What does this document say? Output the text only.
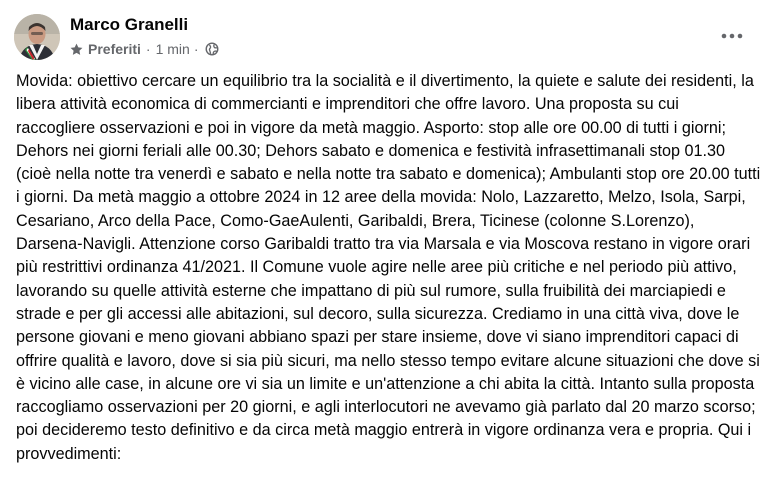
Marco Granelli
Preferiti · 1 min ·

Movida: obiettivo cercare un equilibrio tra la socialità e il divertimento, la quiete e salute dei residenti, la libera attività economica di commercianti e imprenditori che offre lavoro. Una proposta su cui raccogliere osservazioni e poi in vigore da metà maggio. Asporto: stop alle ore 00.00 di tutti i giorni; Dehors nei giorni feriali alle 00.30; Dehors sabato e domenica e festività infrasettimanali stop 01.30 (cioè nella notte tra venerdì e sabato e nella notte tra sabato e domenica); Ambulanti stop ore 20.00 tutti i giorni. Da metà maggio a ottobre 2024 in 12 aree della movida: Nolo, Lazzaretto, Melzo, Isola, Sarpi, Cesariano, Arco della Pace, Como-GaeAulenti, Garibaldi, Brera, Ticinese (colonne S.Lorenzo), Darsena-Navigli. Attenzione corso Garibaldi tratto tra via Marsala e via Moscova restano in vigore orari più restrittivi ordinanza 41/2021. Il Comune vuole agire nelle aree più critiche e nel periodo più attivo, lavorando su quelle attività esterne che impattano di più sul rumore, sulla fruibilità dei marciapiedi e strade e per gli accessi alle abitazioni, sul decoro, sulla sicurezza. Crediamo in una città viva, dove le persone giovani e meno giovani abbiano spazi per stare insieme, dove vi siano imprenditori capaci di offrire qualità e lavoro, dove si sia più sicuri, ma nello stesso tempo evitare alcune situazioni che dove si è vicino alle case, in alcune ore vi sia un limite e un'attenzione a chi abita la città. Intanto sulla proposta raccogliamo osservazioni per 20 giorni, e agli interlocutori ne avevamo già parlato dal 20 marzo scorso; poi decideremo testo definitivo e da circa metà maggio entrerà in vigore ordinanza vera e propria. Qui i provvedimenti:
